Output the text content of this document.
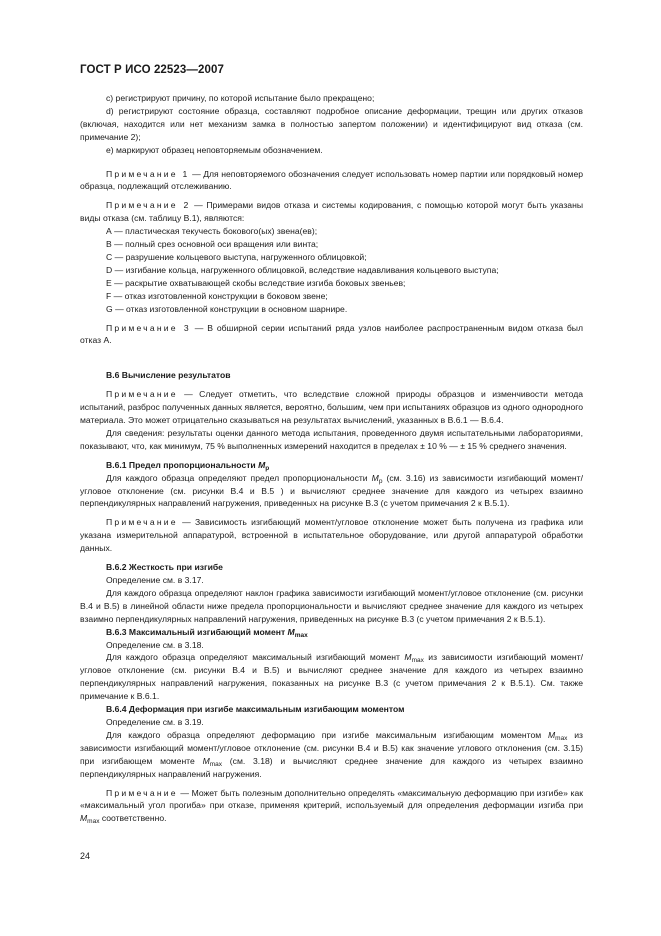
ГОСТ Р ИСО 22523—2007

с) регистрируют причину, по которой испытание было прекращено;

d) регистрируют состояние образца, составляют подробное описание деформации, трещин или других отказов (включая, находится или нет механизм замка в полностью запертом положении) и идентифицируют вид отказа (см. примечание 2);

е) маркируют образец неповторяемым обозначением.

Примечание 1 — Для неповторяемого обозначения следует использовать номер партии или порядковый номер образца, подлежащий отслеживанию.

Примечание 2 — Примерами видов отказа и системы кодирования, с помощью которой могут быть указаны виды отказа (см. таблицу В.1), являются:

А — пластическая текучесть бокового(ых) звена(ев);

В — полный срез основной оси вращения или винта;

С — разрушение кольцевого выступа, нагруженного облицовкой;

D — изгибание кольца, нагруженного облицовкой, вследствие надавливания кольцевого выступа;

Е — раскрытие охватывающей скобы вследствие изгиба боковых звеньев;

F — отказ изготовленной конструкции в боковом звене;

G — отказ изготовленной конструкции в основном шарнире.

Примечание 3 — В обширной серии испытаний ряда узлов наиболее распространенным видом отказа был отказ А.

В.6 Вычисление результатов

Примечание — Следует отметить, что вследствие сложной природы образцов и изменчивости метода испытаний, разброс полученных данных является, вероятно, большим, чем при испытаниях образцов из одного однородного материала. Это может отрицательно сказываться на результатах вычислений, указанных в В.6.1 — В.6.4.

Для сведения: результаты оценки данного метода испытания, проведенного двумя испытательными лабораториями, показывают, что, как минимум, 75 % выполненных измерений находится в пределах ± 10 % — ± 15 % среднего значения.

В.6.1 Предел пропорциональности $M_p$

Для каждого образца определяют предел пропорциональности $M_p$ (см. 3.16) из зависимости изгибающий момент/угловое отклонение (см. рисунки В.4 и В.5 ) и вычисляют среднее значение для каждого из четырех взаимно перпендикулярных направлений нагружения, приведенных на рисунке В.3 (с учетом примечания 2 к В.5.1).

Примечание — Зависимость изгибающий момент/угловое отклонение может быть получена из графика или указана измерительной аппаратурой, встроенной в испытательное оборудование, или другой аппаратурой обработки данных.

В.6.2 Жесткость при изгибе

Определение см. в 3.17.

Для каждого образца определяют наклон графика зависимости изгибающий момент/угловое отклонение (см. рисунки В.4 и В.5) в линейной области ниже предела пропорциональности и вычисляют среднее значение для каждого из четырех взаимно перпендикулярных направлений нагружения, приведенных на рисунке В.3 (с учетом примечания 2 к В.5.1).

В.6.3 Максимальный изгибающий момент $M_{max}$

Определение см. в 3.18.

Для каждого образца определяют максимальный изгибающий момент $M_{max}$ из зависимости изгибающий момент/угловое отклонение (см. рисунки В.4 и В.5) и вычисляют среднее значение для каждого из четырех взаимно перпендикулярных направлений нагружения, показанных на рисунке В.3 (с учетом примечания 2 к В.5.1). См. также примечание к В.6.1.

В.6.4 Деформация при изгибе максимальным изгибающим моментом

Определение см. в 3.19.

Для каждого образца определяют деформацию при изгибе максимальным изгибающим моментом $M_{max}$ из зависимости изгибающий момент/угловое отклонение (см. рисунки В.4 и В.5) как значение углового отклонения (см. 3.15) при изгибающем моменте $M_{max}$ (см. 3.18) и вычисляют среднее значение для каждого из четырех взаимно перпендикулярных направлений нагружения.

Примечание — Может быть полезным дополнительно определять «максимальную деформацию при изгибе» как «максимальный угол прогиба» при отказе, применяя критерий, используемый для определения деформации изгиба при $M_{max}$ соответственно.

24
